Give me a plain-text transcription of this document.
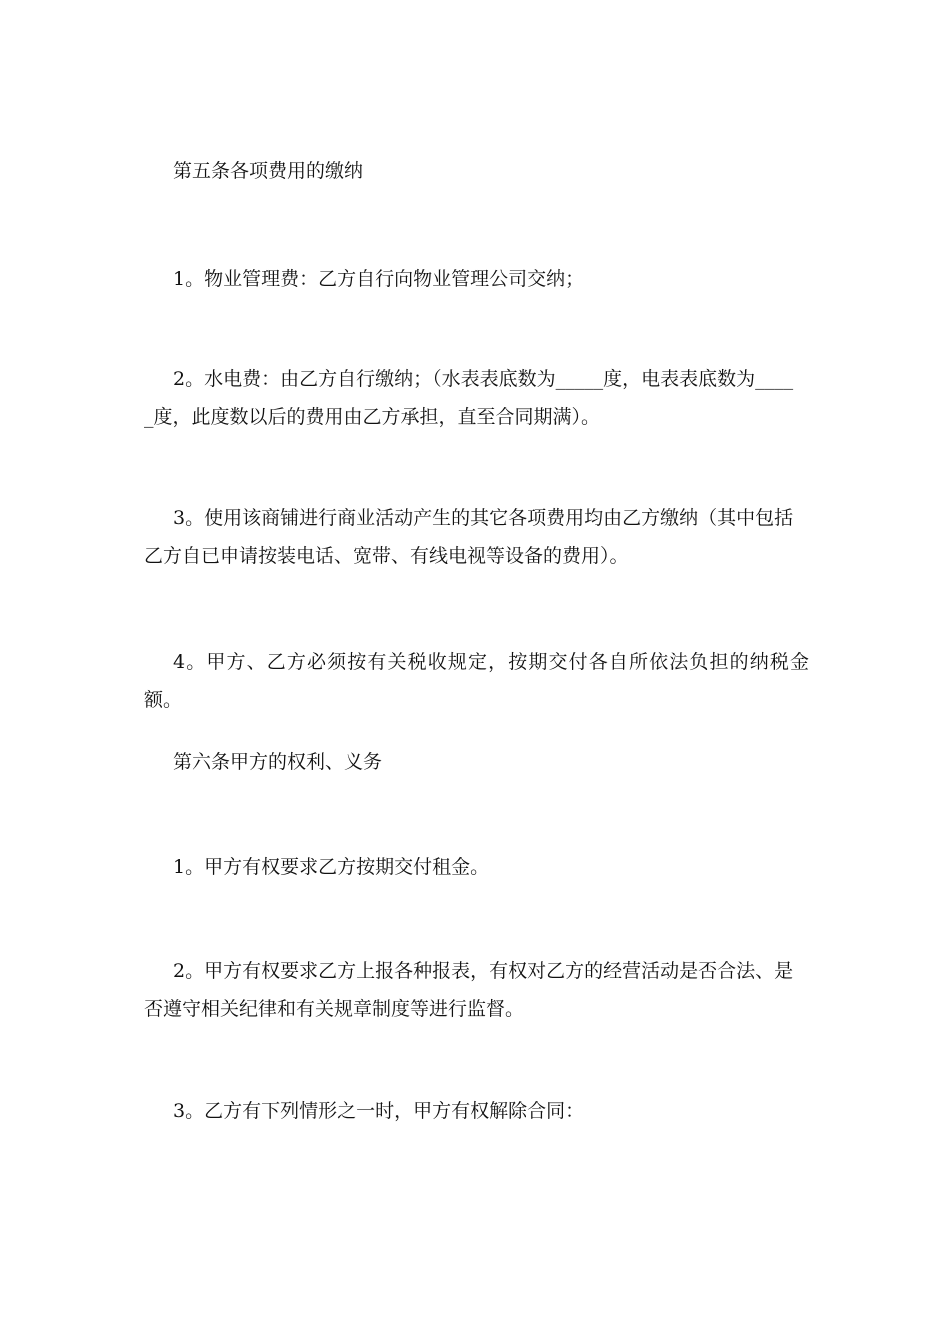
第五条各项费用的缴纳

1。物业管理费：乙方自行向物业管理公司交纳；

2。水电费：由乙方自行缴纳；（水表表底数为_____度，电表表底数为____
_度，此度数以后的费用由乙方承担，直至合同期满）。

3。使用该商铺进行商业活动产生的其它各项费用均由乙方缴纳（其中包括
乙方自已申请按装电话、宽带、有线电视等设备的费用）。

4。甲方、乙方必须按有关税收规定，按期交付各自所依法负担的纳税金额。

第六条甲方的权利、义务

1。甲方有权要求乙方按期交付租金。

2。甲方有权要求乙方上报各种报表，有权对乙方的经营活动是否合法、是
否遵守相关纪律和有关规章制度等进行监督。

3。乙方有下列情形之一时，甲方有权解除合同：
